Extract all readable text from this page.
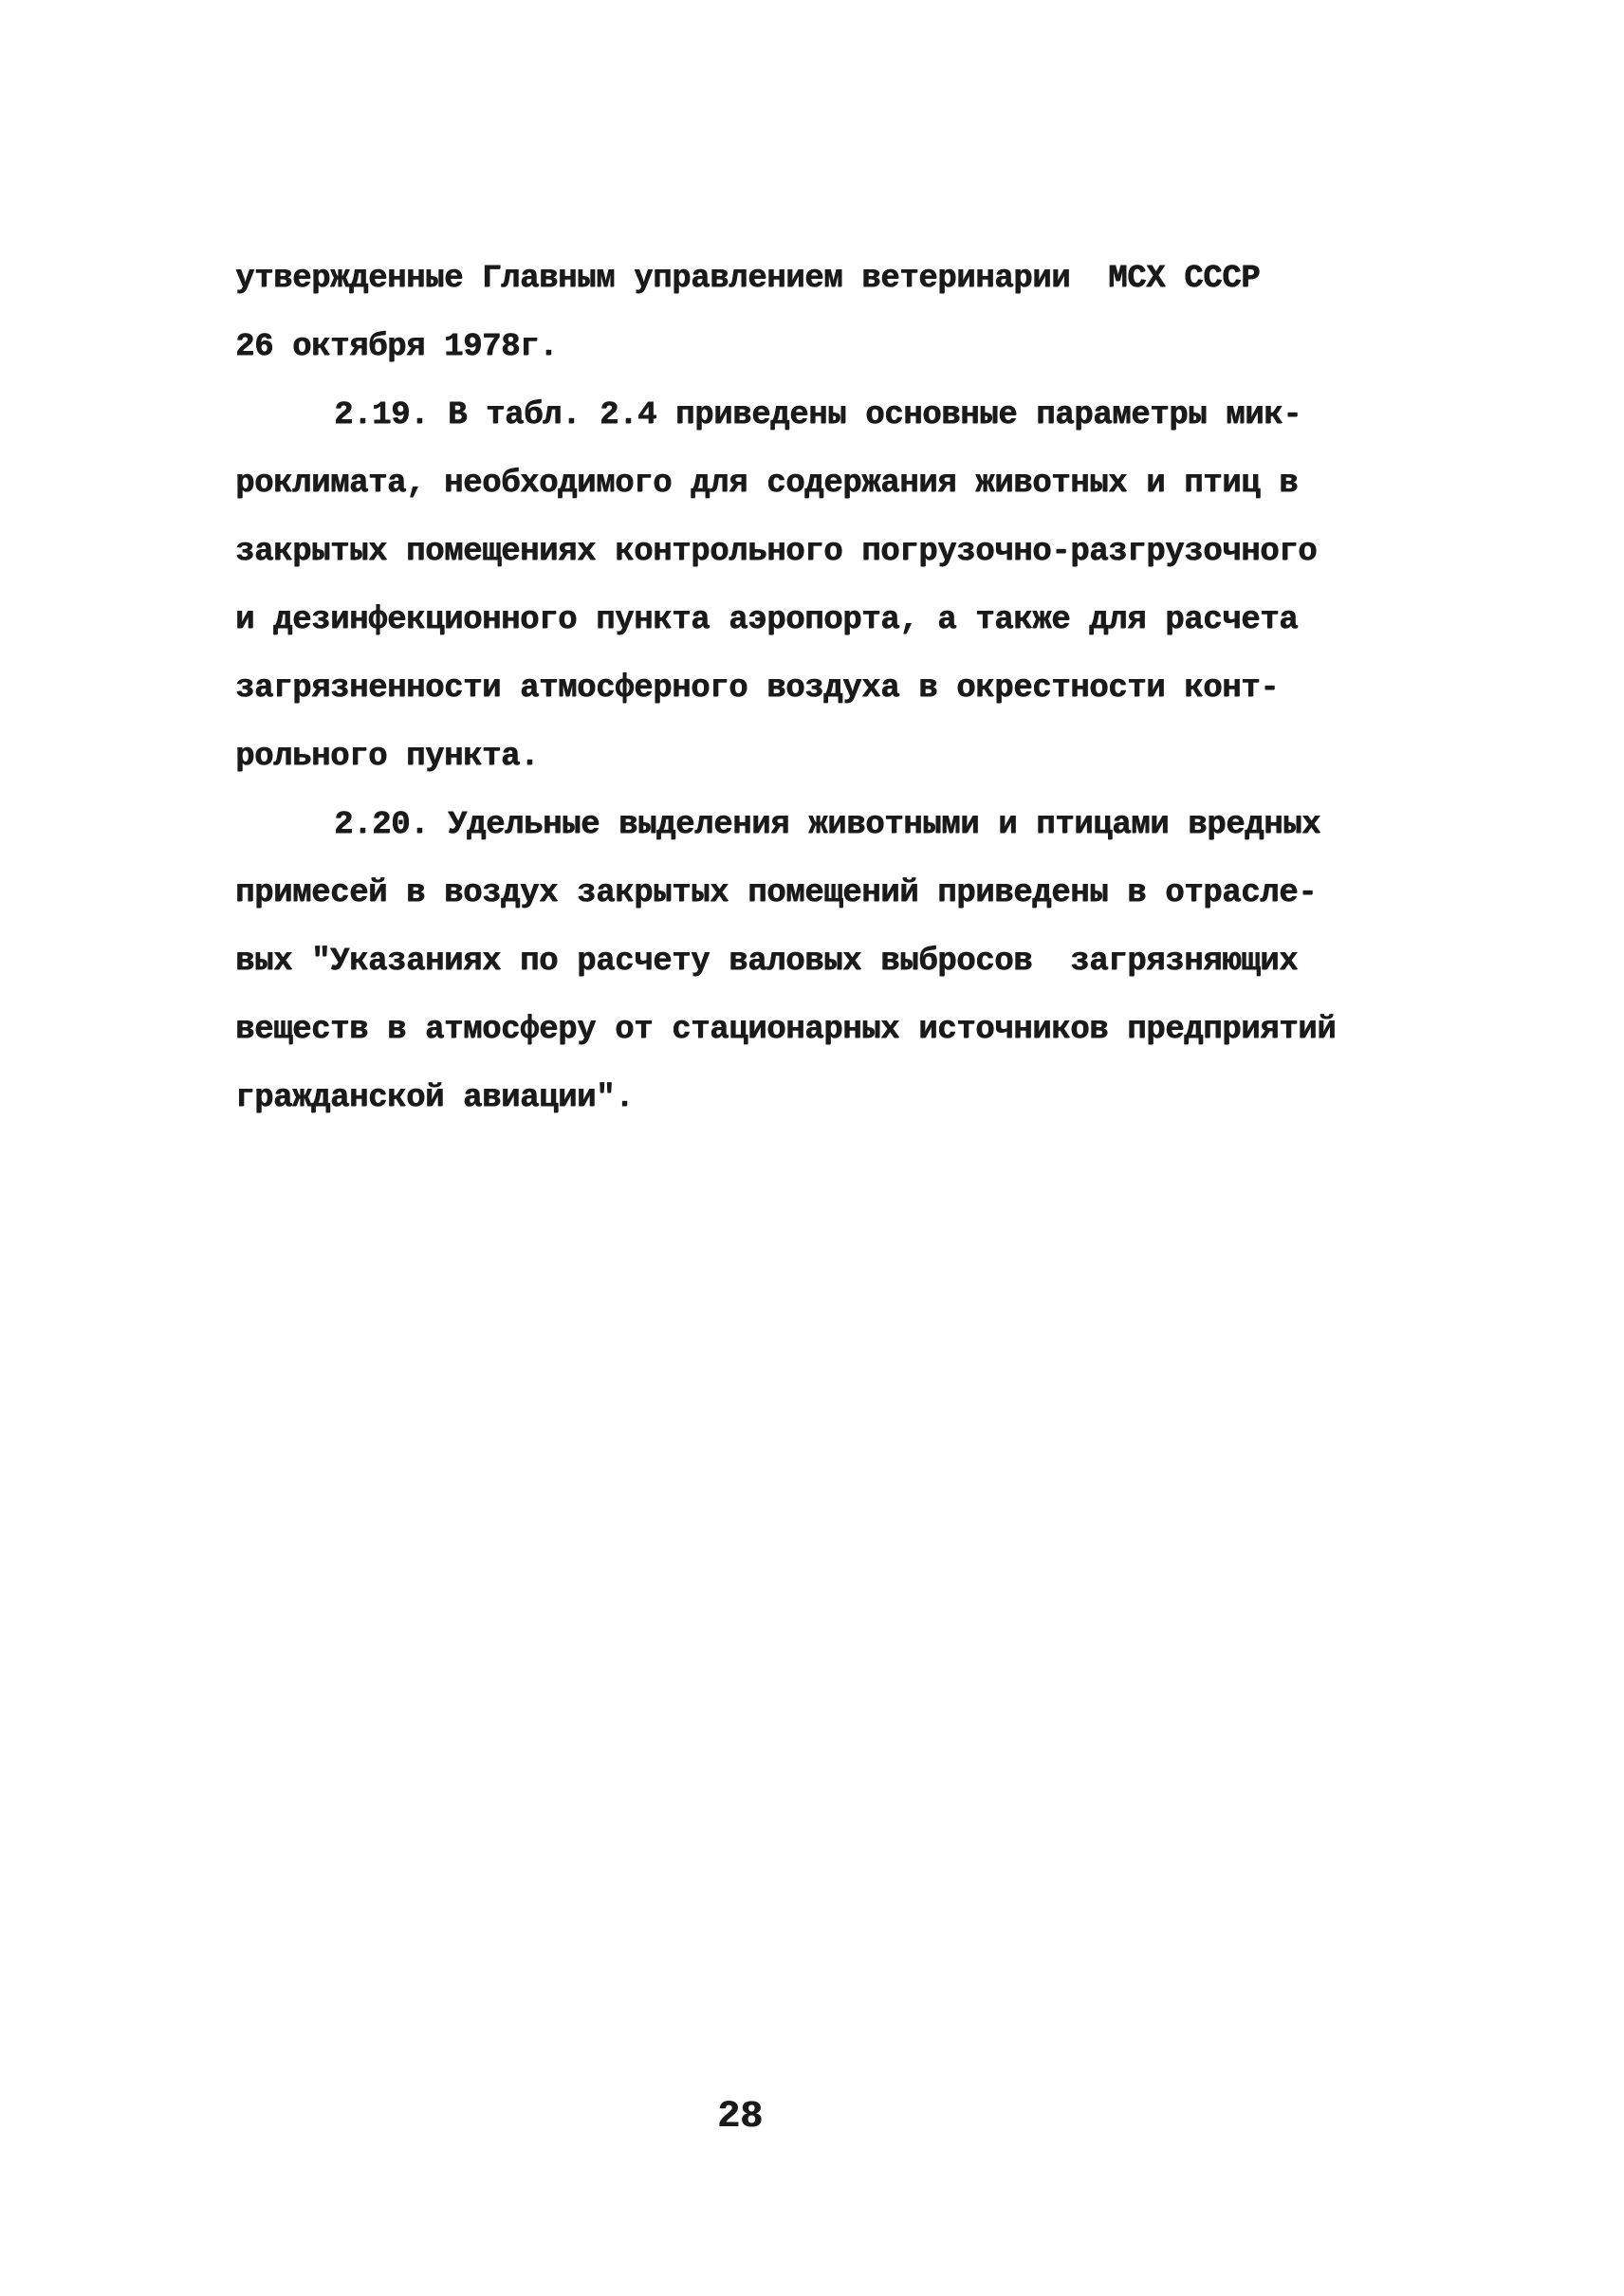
утвержденные Главным управлением ветеринарии  МСХ СССР
26 октября 1978г.
2.19. В табл. 2.4 приведены основные параметры мик-
роклимата, необходимого для содержания животных и птиц в
закрытых помещениях контрольного погрузочно-разгрузочного
и дезинфекционного пункта аэропорта, а также для расчета
загрязненности атмосферного воздуха в окрестности конт-
рольного пункта.
2.20. Удельные выделения животными и птицами вредных
примесей в воздух закрытых помещений приведены в отрасле-
вых "Указаниях по расчету валовых выбросов  загрязняющих
веществ в атмосферу от стационарных источников предприятий
гражданской авиации".
28
